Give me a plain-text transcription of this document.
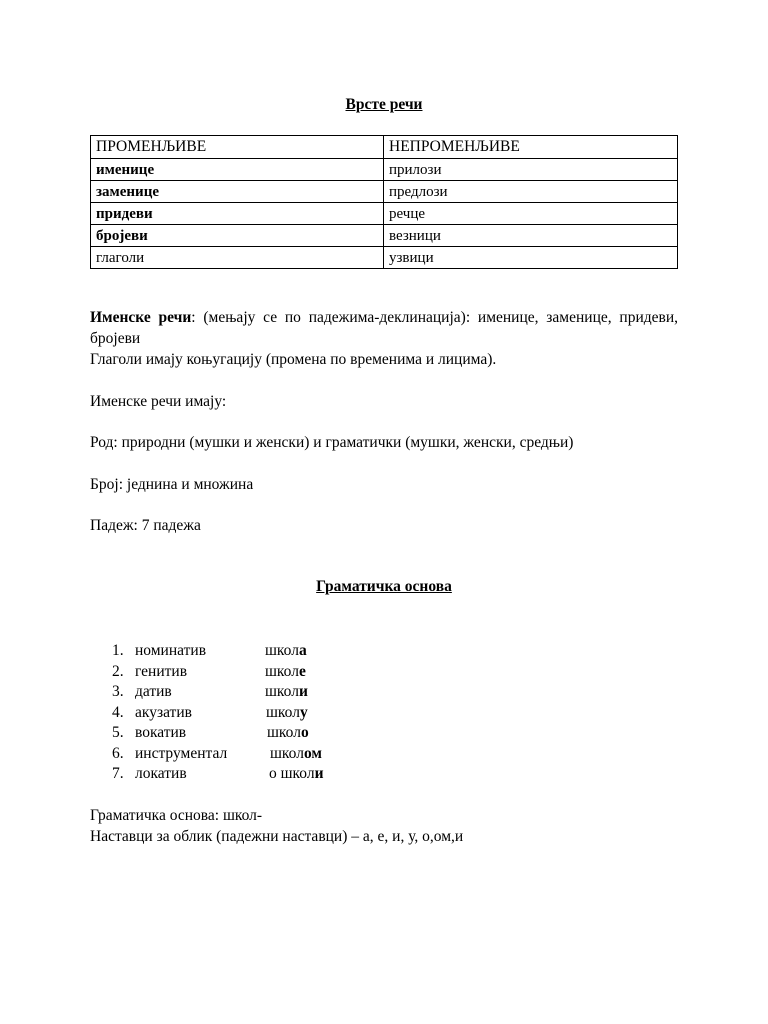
Врсте речи
ПРОМЕНЉИВЕ	НЕПРОМЕНЉИВЕ
именице	прилози
заменице	предлози
придеви	речце
бројеви	везници
глаголи	узвици
Именске речи: (мењају се по падежима-деклинација): именице, заменице, придеви, бројеви
Глаголи имају коњугацију (промена по временима и лицима).
Именске речи имају:
Род: природни (мушки и женски) и граматички (мушки, женски, средњи)
Број: једнина и множина
Падеж: 7 падежа
Граматичка основа
1. номинатив	школа
2. генитив	школе
3. датив	школи
4. акузатив	школу
5. вокатив	школо
6. инструментал	школом
7. локатив	о школи
Граматичка основа: школ-
Наставци за облик (падежни наставци) – а, е, и, у, о,ом,и
